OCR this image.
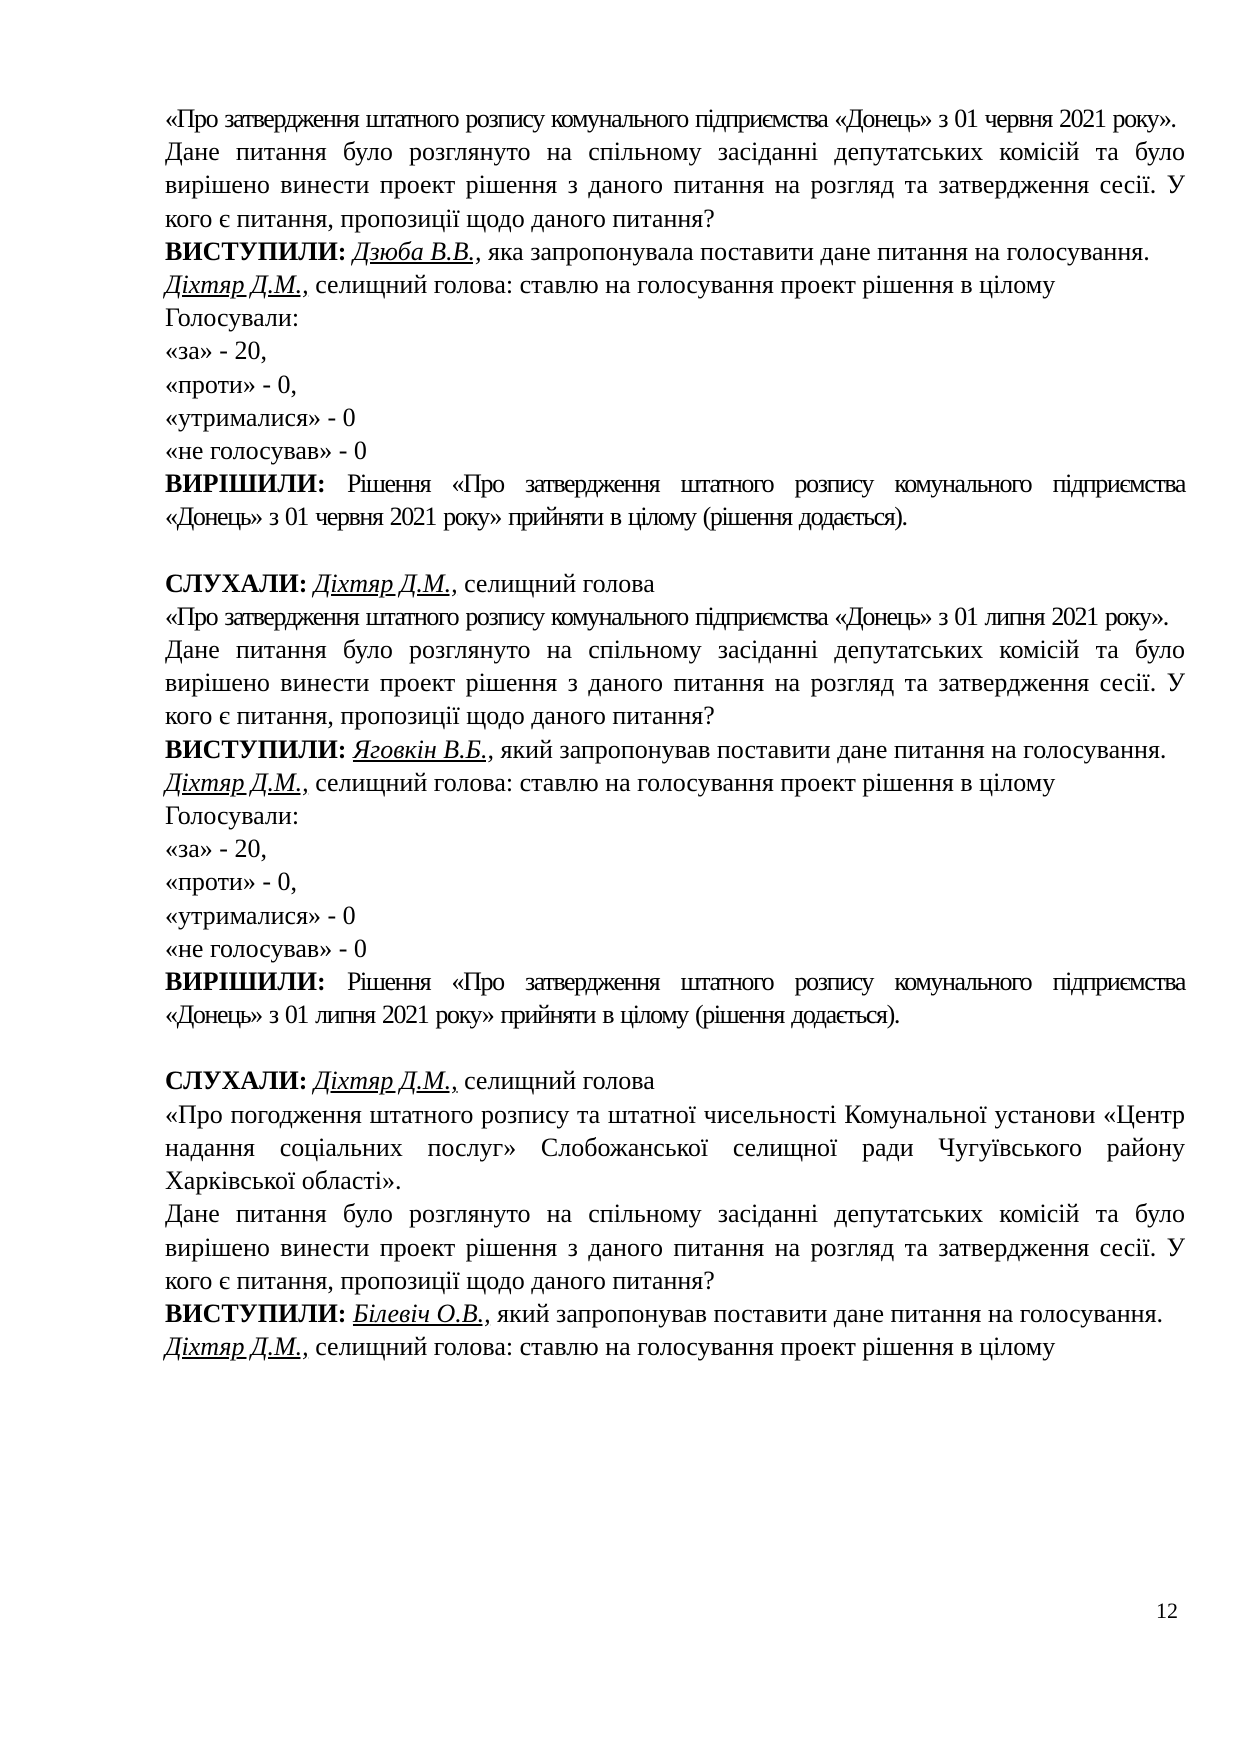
«Про затвердження штатного розпису комунального підприємства «Донець» з 01 червня 2021 року».

Дане питання було розглянуто на спільному засіданні депутатських комісій та було вирішено винести проект рішення з даного питання на розгляд та затвердження сесії. У кого є питання, пропозиції щодо даного питання?

ВИСТУПИЛИ: Дзюба В.В., яка запропонувала поставити дане питання на голосування.

Діхтяр Д.М., селищний голова: ставлю на голосування проект рішення в цілому

Голосували:

«за» - 20,

«проти» - 0,

«утрималися» - 0

«не голосував» - 0

ВИРІШИЛИ: Рішення «Про затвердження штатного розпису комунального підприємства «Донець» з 01 червня 2021 року» прийняти в цілому (рішення додається).

СЛУХАЛИ: Діхтяр Д.М., селищний голова

«Про затвердження штатного розпису комунального підприємства «Донець» з 01 липня 2021 року».

Дане питання було розглянуто на спільному засіданні депутатських комісій та було вирішено винести проект рішення з даного питання на розгляд та затвердження сесії. У кого є питання, пропозиції щодо даного питання?

ВИСТУПИЛИ: Яговкін В.Б., який запропонував поставити дане питання на голосування.

Діхтяр Д.М., селищний голова: ставлю на голосування проект рішення в цілому

Голосували:

«за» - 20,

«проти» - 0,

«утрималися» - 0

«не голосував» - 0

ВИРІШИЛИ: Рішення «Про затвердження штатного розпису комунального підприємства «Донець» з 01 липня 2021 року» прийняти в цілому (рішення додається).

СЛУХАЛИ: Діхтяр Д.М., селищний голова

«Про погодження штатного розпису та штатної чисельності Комунальної установи «Центр надання соціальних послуг» Слобожанської селищної ради Чугуївського району Харківської області».

Дане питання було розглянуто на спільному засіданні депутатських комісій та було вирішено винести проект рішення з даного питання на розгляд та затвердження сесії. У кого є питання, пропозиції щодо даного питання?

ВИСТУПИЛИ: Білевіч О.В., який запропонував поставити дане питання на голосування.

Діхтяр Д.М., селищний голова: ставлю на голосування проект рішення в цілому

12
